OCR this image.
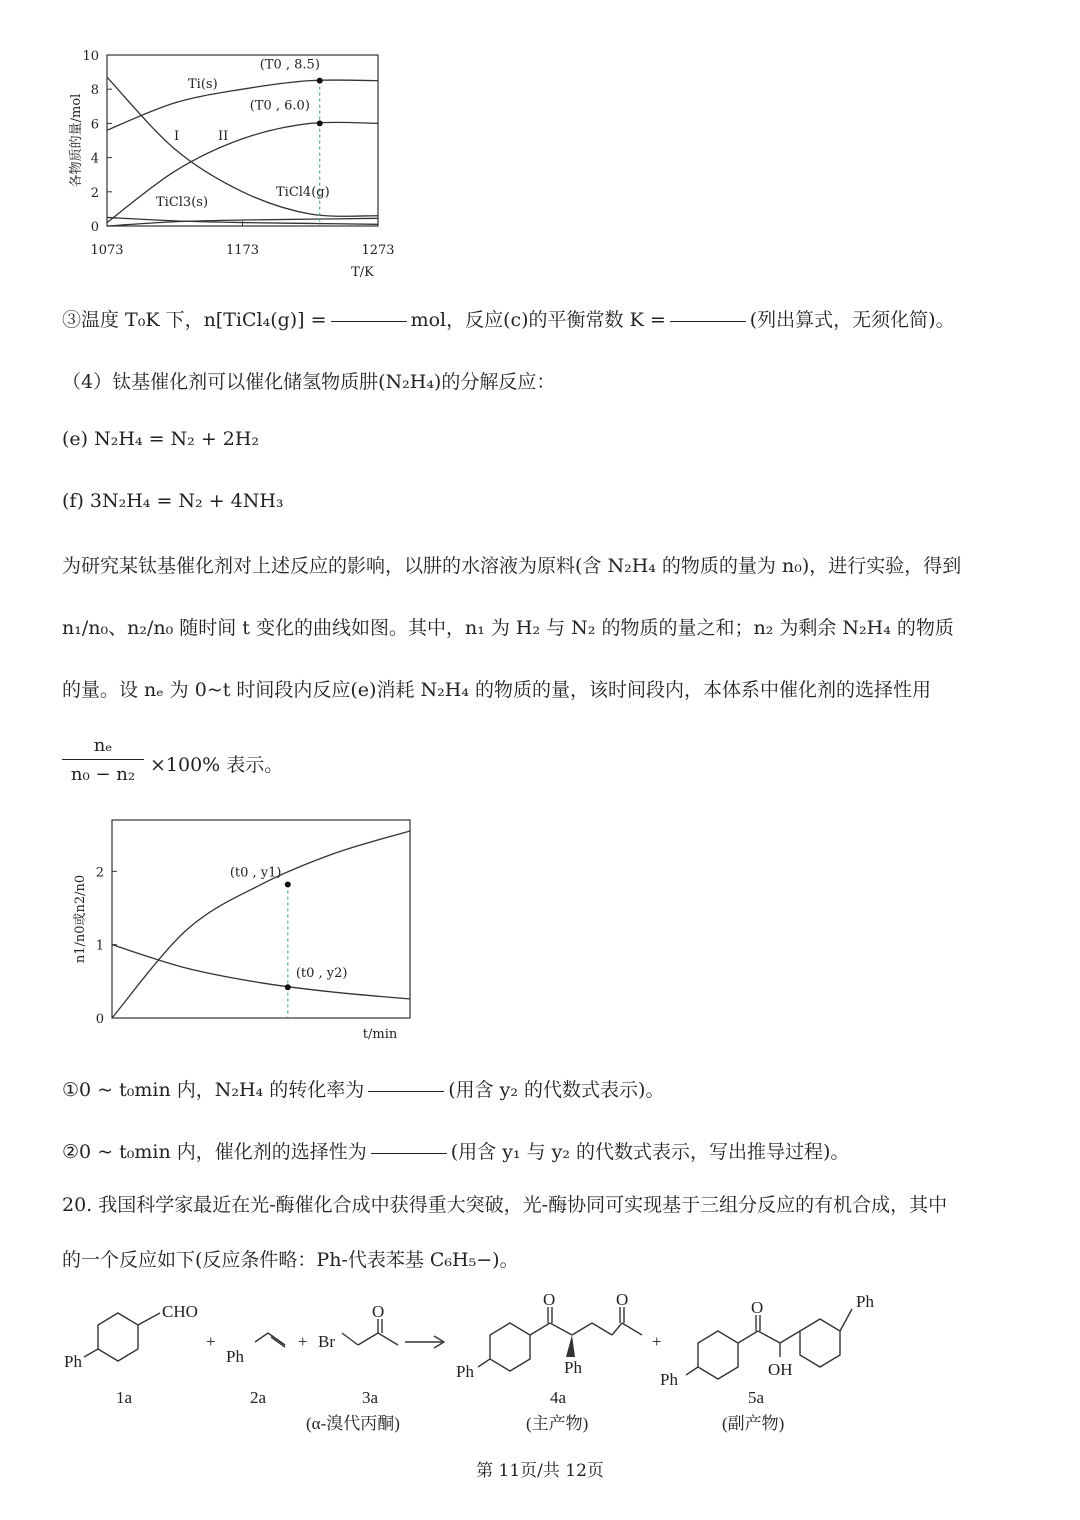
0
2
4
6
8
10
1073	1173	1273
T/K
各物质的量/mol
(T0 , 8.5)
(T0 , 6.0)
Ti(s)
I	II
TiCl3(s)
TiCl4(g)
③温度 T₀K 下，n[TiCl₄(g)] =	mol，反应(c)的平衡常数 K =	(列出算式，无须化简)。
（4）钛基催化剂可以催化储氢物质肼(N₂H₄)的分解反应：
(e) N₂H₄ = N₂ + 2H₂
(f) 3N₂H₄ = N₂ + 4NH₃
为研究某钛基催化剂对上述反应的影响，以肼的水溶液为原料(含 N₂H₄ 的物质的量为 n₀)，进行实验，得到
n₁/n₀、n₂/n₀ 随时间 t 变化的曲线如图。其中，n₁ 为 H₂ 与 N₂ 的物质的量之和；n₂ 为剩余 N₂H₄ 的物质
的量。设 nₑ 为 0~t 时间段内反应(e)消耗 N₂H₄ 的物质的量，该时间段内，本体系中催化剂的选择性用
$\frac{\text{nₑ}}{\text{n₀ − n₂}} \times 100\%$ 表示。
0
1
2
t/min
n1/n0或n2/n0
(t0 , y1)
(t0 , y2)
①0 ~ t₀min 内，N₂H₄ 的转化率为	(用含 y₂ 的代数式表示)。
②0 ~ t₀min 内，催化剂的选择性为	(用含 y₁ 与 y₂ 的代数式表示，写出推导过程)。
20. 我国科学家最近在光-酶催化合成中获得重大突破，光-酶协同可实现基于三组分反应的有机合成，其中
的一个反应如下(反应条件略：Ph-代表苯基 C₆H₅−)。
CHO
Ph
+
Ph
+ Br
O
Ph
O	O
Ph
+
Ph
O
OH
Ph
1a	2a	3a	4a	5a
(α-溴代丙酮)	(主产物)	(副产物)
第 11页/共 12页
